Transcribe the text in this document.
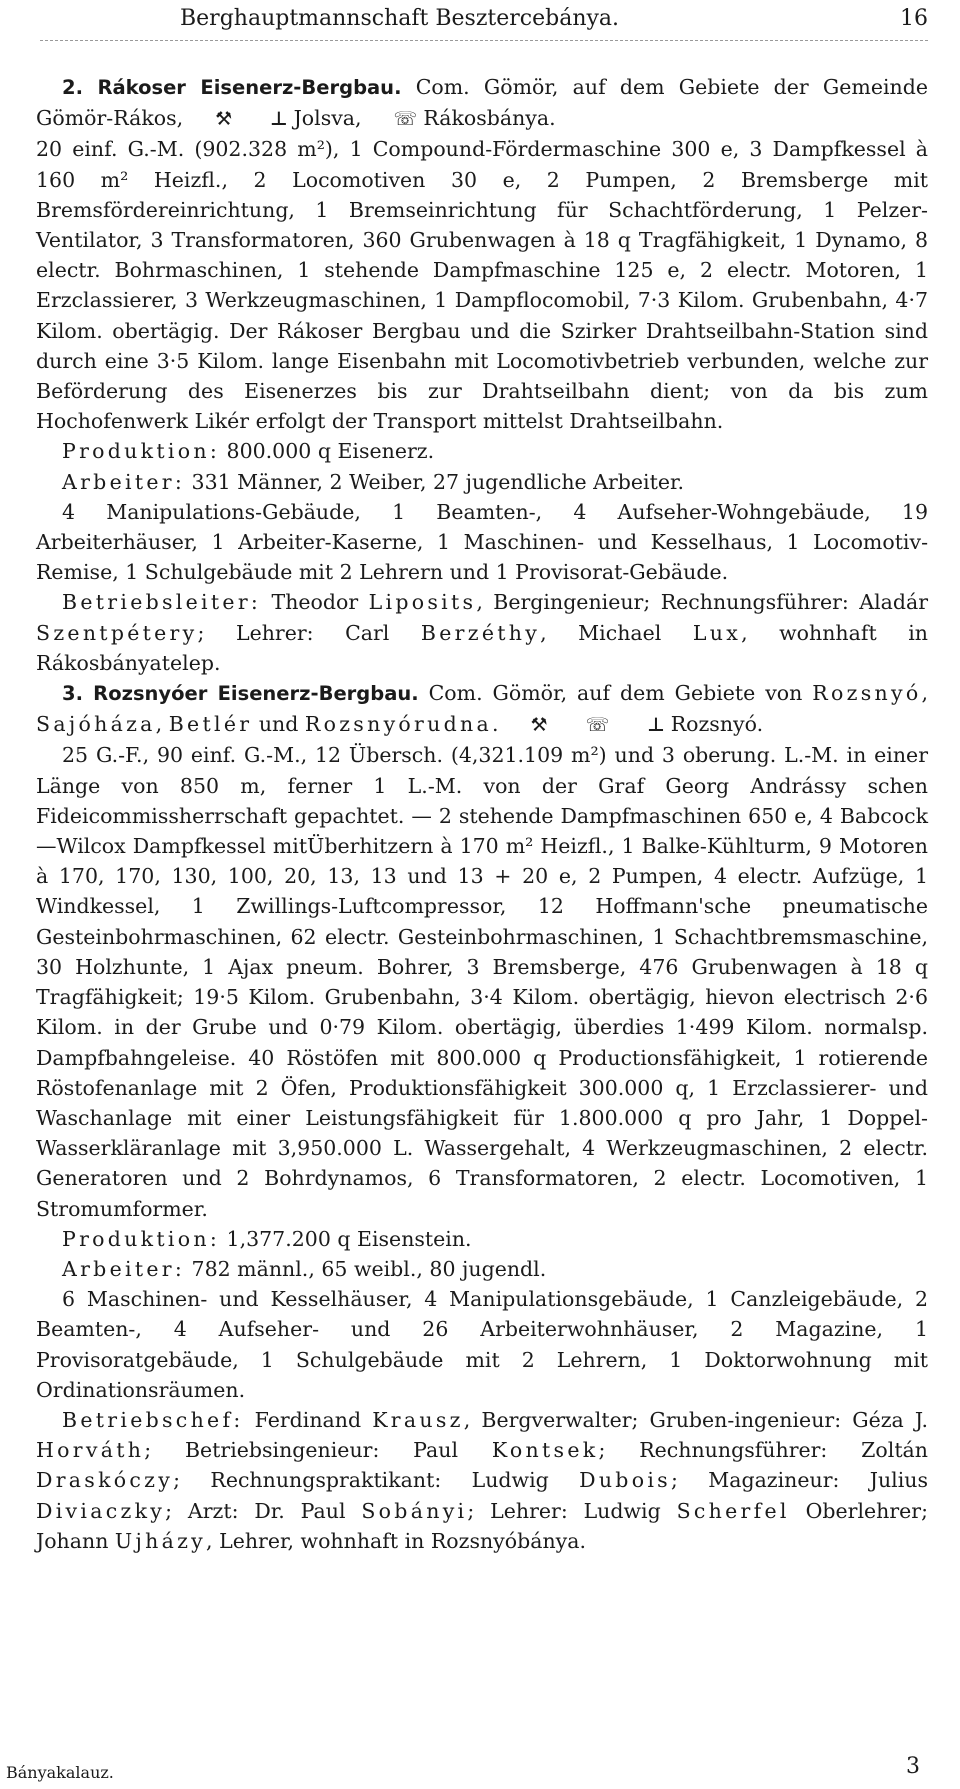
Berghauptmannschaft Besztercebánya.	16

2. Rákoser Eisenerz-Bergbau. Com. Gömör, auf dem Gebiete der Gemeinde Gömör-Rákos, ⚒ ⊥ Jolsva, ☏ Rákosbánya.

20 einf. G.-M. (902.328 m²), 1 Compound-Fördermaschine 300 e, 3 Dampfkessel à 160 m² Heizfl., 2 Locomotiven 30 e, 2 Pumpen, 2 Bremsberge mit Bremsfördereinrichtung, 1 Bremseinrichtung für Schachtförderung, 1 Pelzer-Ventilator, 3 Transformatoren, 360 Grubenwagen à 18 q Tragfähigkeit, 1 Dynamo, 8 electr. Bohrmaschinen, 1 stehende Dampfmaschine 125 e, 2 electr. Motoren, 1 Erzclassierer, 3 Werkzeugmaschinen, 1 Dampflocomobil, 7·3 Kilom. Grubenbahn, 4·7 Kilom. obertägig. Der Rákoser Bergbau und die Szirker Drahtseilbahn-Station sind durch eine 3·5 Kilom. lange Eisenbahn mit Locomotivbetrieb verbunden, welche zur Beförderung des Eisenerzes bis zur Drahtseilbahn dient; von da bis zum Hochofenwerk Likér erfolgt der Transport mittelst Drahtseilbahn.

Produktion: 800.000 q Eisenerz.

Arbeiter: 331 Männer, 2 Weiber, 27 jugendliche Arbeiter.

4 Manipulations-Gebäude, 1 Beamten-, 4 Aufseher-Wohngebäude, 19 Arbeiterhäuser, 1 Arbeiter-Kaserne, 1 Maschinen- und Kesselhaus, 1 Locomotiv-Remise, 1 Schulgebäude mit 2 Lehrern und 1 Provisorat-Gebäude.

Betriebsleiter: Theodor Liposits, Bergingenieur; Rechnungsführer: Aladár Szentpétery; Lehrer: Carl Berzéthy, Michael Lux, wohnhaft in Rákosbányatelep.

3. Rozsnyóer Eisenerz-Bergbau. Com. Gömör, auf dem Gebiete von Rozsnyó, Sajóháza, Betlér und Rozsnyórudna. ⚒ ☏ ⊥ Rozsnyó.

25 G.-F., 90 einf. G.-M., 12 Übersch. (4,321.109 m²) und 3 oberung. L.-M. in einer Länge von 850 m, ferner 1 L.-M. von der Graf Georg Andrássy schen Fideicommissherrschaft gepachtet. — 2 stehende Dampfmaschinen 650 e, 4 Babcock—Wilcox Dampfkessel mitÜberhitzern à 170 m² Heizfl., 1 Balke-Kühlturm, 9 Motoren à 170, 170, 130, 100, 20, 13, 13 und 13 + 20 e, 2 Pumpen, 4 electr. Aufzüge, 1 Windkessel, 1 Zwillings-Luftcompressor, 12 Hoffmann'sche pneumatische Gesteinbohrmaschinen, 62 electr. Gesteinbohrmaschinen, 1 Schachtbremsmaschine, 30 Holzhunte, 1 Ajax pneum. Bohrer, 3 Bremsberge, 476 Grubenwagen à 18 q Tragfähigkeit; 19·5 Kilom. Grubenbahn, 3·4 Kilom. obertägig, hievon electrisch 2·6 Kilom. in der Grube und 0·79 Kilom. obertägig, überdies 1·499 Kilom. normalsp. Dampfbahngeleise. 40 Röstöfen mit 800.000 q Productionsfähigkeit, 1 rotierende Röstofenanlage mit 2 Öfen, Produktionsfähigkeit 300.000 q, 1 Erzclassierer- und Waschanlage mit einer Leistungsfähigkeit für 1.800.000 q pro Jahr, 1 Doppel-Wasserkläranlage mit 3,950.000 L. Wassergehalt, 4 Werkzeugmaschinen, 2 electr. Generatoren und 2 Bohrdynamos, 6 Transformatoren, 2 electr. Locomotiven, 1 Stromumformer.

Produktion: 1,377.200 q Eisenstein.

Arbeiter: 782 männl., 65 weibl., 80 jugendl.

6 Maschinen- und Kesselhäuser, 4 Manipulationsgebäude, 1 Canzleigebäude, 2 Beamten-, 4 Aufseher- und 26 Arbeiterwohnhäuser, 2 Magazine, 1 Provisoratgebäude, 1 Schulgebäude mit 2 Lehrern, 1 Doktorwohnung mit Ordinationsräumen.

Betriebschef: Ferdinand Krausz, Bergverwalter; Gruben-ingenieur: Géza J. Horváth; Betriebsingenieur: Paul Kontsek; Rechnungsführer: Zoltán Draskóczy; Rechnungspraktikant: Ludwig Dubois; Magazineur: Julius Diviaczky; Arzt: Dr. Paul Sobányi; Lehrer: Ludwig Scherfel Oberlehrer; Johann Ujházy, Lehrer, wohnhaft in Rozsnyóbánya.

Bányakalauz.	3
